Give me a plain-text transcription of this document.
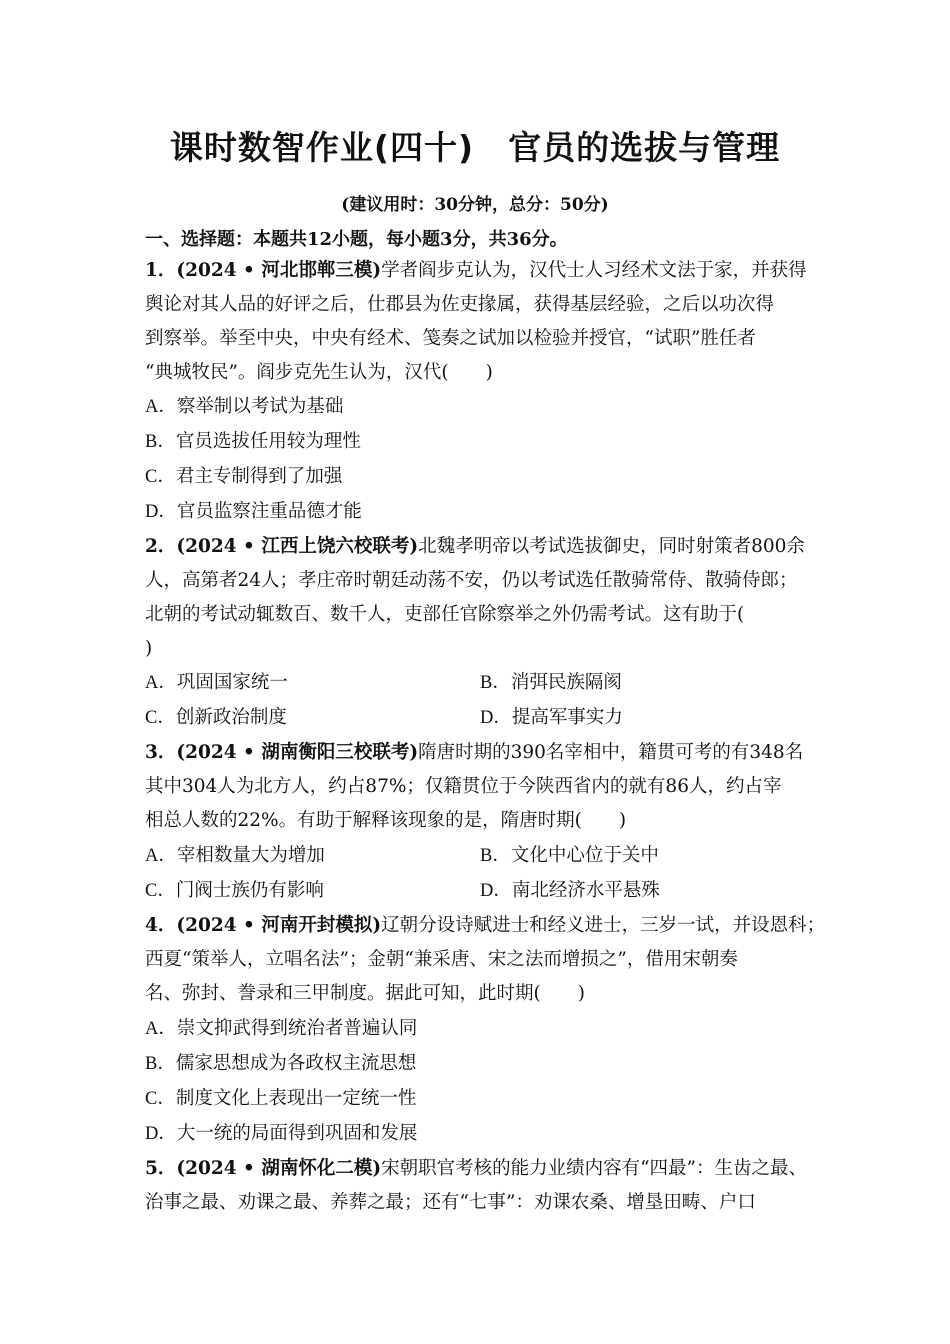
课时数智作业(四十) 官员的选拔与管理
(建议用时：30分钟，总分：50分)
一、选择题：本题共12小题，每小题3分，共36分。
1．(2024 • 河北邯郸三模)学者阎步克认为，汉代士人习经术文法于家，并获得
舆论对其人品的好评之后，仕郡县为佐吏掾属，获得基层经验，之后以功次得
到察举。举至中央，中央有经术、笺奏之试加以检验并授官，“试职”胜任者
“典城牧民”。阎步克先生认为，汉代(　　)
A．察举制以考试为基础
B．官员选拔任用较为理性
C．君主专制得到了加强
D．官员监察注重品德才能
2．(2024 • 江西上饶六校联考)北魏孝明帝以考试选拔御史，同时射策者800余
人，高第者24人；孝庄帝时朝廷动荡不安，仍以考试选任散骑常侍、散骑侍郎；
北朝的考试动辄数百、数千人，吏部任官除察举之外仍需考试。这有助于(
)
A．巩固国家统一	B．消弭民族隔阂
C．创新政治制度	D．提高军事实力
3．(2024 • 湖南衡阳三校联考)隋唐时期的390名宰相中，籍贯可考的有348名
其中304人为北方人，约占87%；仅籍贯位于今陕西省内的就有86人，约占宰
相总人数的22%。有助于解释该现象的是，隋唐时期(　　)
A．宰相数量大为增加	B．文化中心位于关中
C．门阀士族仍有影响	D．南北经济水平悬殊
4．(2024 • 河南开封模拟)辽朝分设诗赋进士和经义进士，三岁一试，并设恩科；
西夏“策举人，立唱名法”；金朝“兼采唐、宋之法而增损之”，借用宋朝奏
名、弥封、誊录和三甲制度。据此可知，此时期(　　)
A．崇文抑武得到统治者普遍认同
B．儒家思想成为各政权主流思想
C．制度文化上表现出一定统一性
D．大一统的局面得到巩固和发展
5．(2024 • 湖南怀化二模)宋朝职官考核的能力业绩内容有“四最”：生齿之最、
治事之最、劝课之最、养葬之最；还有“七事”：劝课农桑、增垦田畴、户口
